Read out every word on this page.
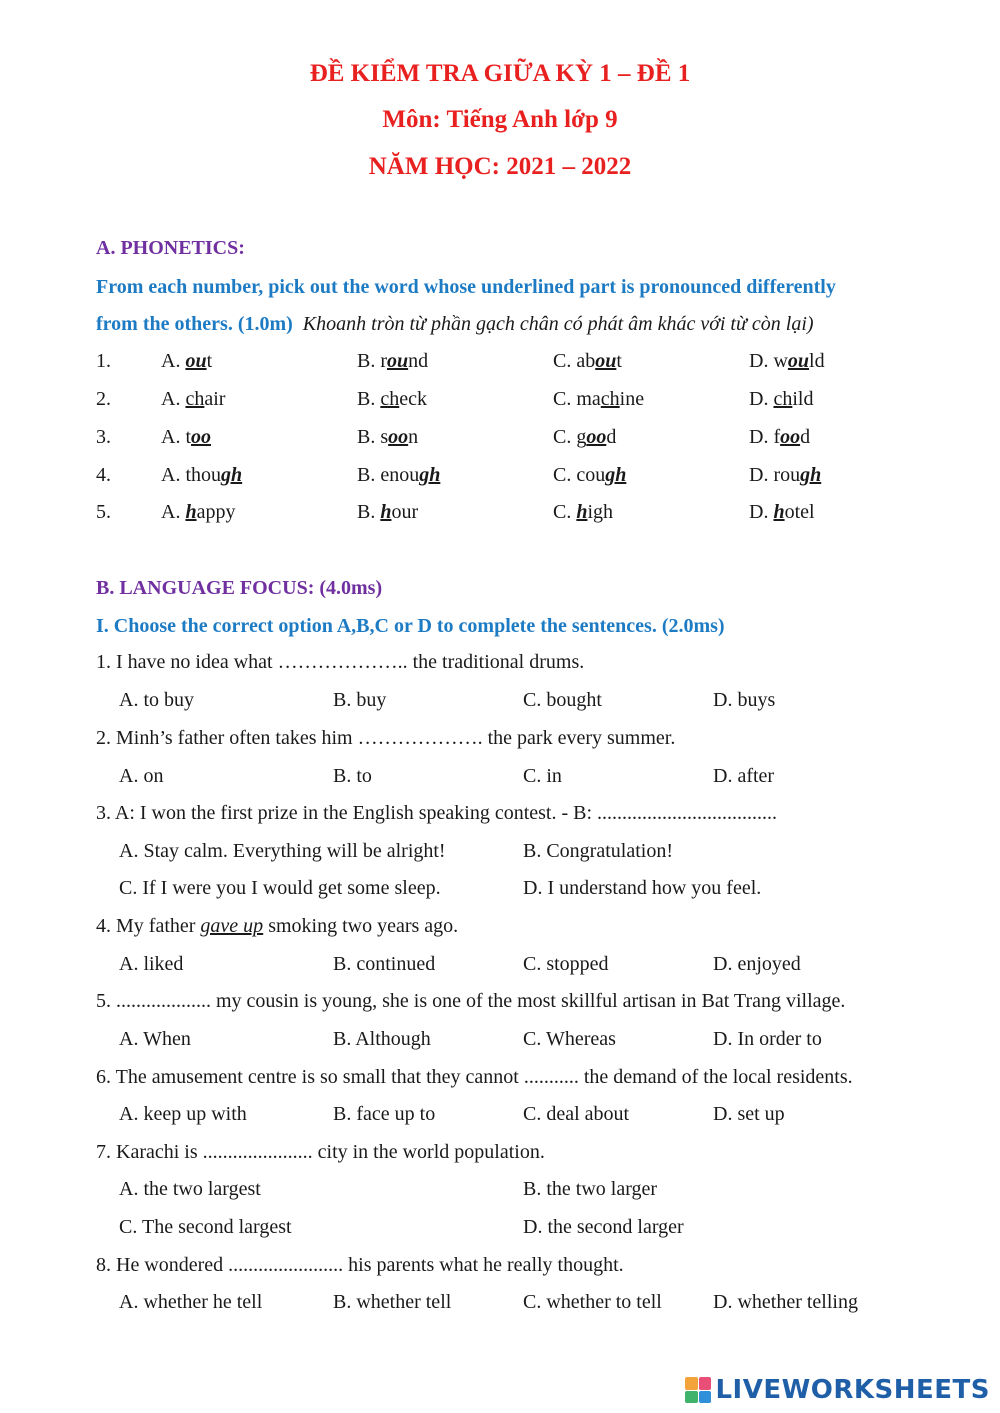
ĐỀ KIỂM TRA GIỮA KỲ 1 – ĐỀ 1
Môn: Tiếng Anh lớp 9
NĂM HỌC: 2021 – 2022
A. PHONETICS:
From each number, pick out the word whose underlined part is pronounced differently
from the others. (1.0m) Khoanh tròn từ phần gạch chân có phát âm khác với từ còn lại)
1.	A. out	B. round	C. about	D. would
2.	A. chair	B. check	C. machine	D. child
3.	A. too	B. soon	C. good	D. food
4.	A. though	B. enough	C. cough	D. rough
5.	A. happy	B. hour	C. high	D. hotel
B. LANGUAGE FOCUS: (4.0ms)
I. Choose the correct option A,B,C or D to complete the sentences. (2.0ms)
1. I have no idea what ……………….. the traditional drums.
A. to buy	B. buy	C. bought	D. buys
2. Minh’s father often takes him ………………. the park every summer.
A. on	B. to	C. in	D. after
3. A: I won the first prize in the English speaking contest. - B: ....................................
A. Stay calm. Everything will be alright!	B. Congratulation!
C. If I were you I would get some sleep.	D. I understand how you feel.
4. My father gave up smoking two years ago.
A. liked	B. continued	C. stopped	D. enjoyed
5. ................... my cousin is young, she is one of the most skillful artisan in Bat Trang village.
A. When	B. Although	C. Whereas	D. In order to
6. The amusement centre is so small that they cannot ........... the demand of the local residents.
A. keep up with	B. face up to	C. deal about	D. set up
7. Karachi is ...................... city in the world population.
A. the two largest	B. the two larger
C. The second largest	D. the second larger
8. He wondered ....................... his parents what he really thought.
A. whether he tell	B. whether tell	C. whether to tell	D. whether telling
LIVEWORKSHEETS
